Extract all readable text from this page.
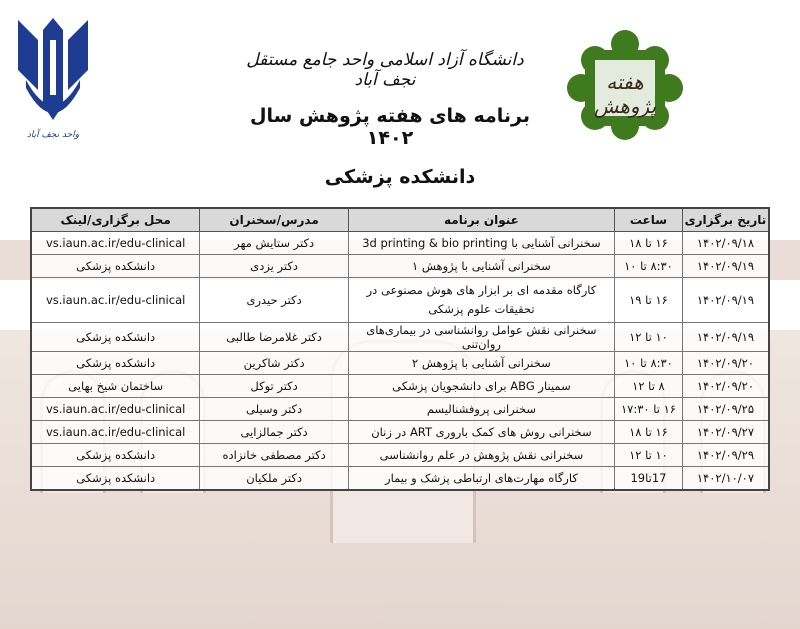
واحد نجف آباد
هفته پژوهش
دانشگاه آزاد اسلامی واحد جامع مستقل نجف آباد
برنامه های هفته پژوهش سال ۱۴۰۲
دانشکده پزشکی
تاریخ برگزاری	ساعت	عنوان برنامه	مدرس/سخنران	محل برگزاری/لینک
۱۴۰۲/۰۹/۱۸	۱۶ تا ۱۸	سخنرانی آشنایی با 3d printing & bio printing	دکتر ستایش مهر	vs.iaun.ac.ir/edu-clinical
۱۴۰۲/۰۹/۱۹	۸:۳۰ تا ۱۰	سخنرانی آشنایی با پژوهش ۱	دکتر یزدی	دانشکده پزشکی
۱۴۰۲/۰۹/۱۹	۱۶ تا ۱۹	کارگاه مقدمه ای بر ابزار های هوش مصنوعی در تحقیقات علوم پزشکی	دکتر حیدری	vs.iaun.ac.ir/edu-clinical
۱۴۰۲/۰۹/۱۹	۱۰ تا ۱۲	سخنرانی نقش عوامل روانشناسی در بیماری‌های روان‌تنی	دکتر غلامرضا طالبی	دانشکده پزشکی
۱۴۰۲/۰۹/۲۰	۸:۳۰ تا ۱۰	سخنرانی آشنایی با پژوهش ۲	دکتر شاکرین	دانشکده پزشکی
۱۴۰۲/۰۹/۲۰	۸ تا ۱۲	سمینار ABG برای دانشجویان پزشکی	دکتر توکل	ساختمان شیخ بهایی
۱۴۰۲/۰۹/۲۵	۱۶ تا ۱۷:۳۰	سخنرانی پروفشنالیسم	دکتر وسیلی	vs.iaun.ac.ir/edu-clinical
۱۴۰۲/۰۹/۲۷	۱۶ تا ۱۸	سخنرانی روش های کمک باروری ART در زنان	دکتر جمالزایی	vs.iaun.ac.ir/edu-clinical
۱۴۰۲/۰۹/۲۹	۱۰ تا ۱۲	سخنرانی نقش پژوهش در علم روانشناسی	دکتر مصطفی خانزاده	دانشکده پزشکی
۱۴۰۲/۱۰/۰۷	17تا19	کارگاه مهارت‌های ارتباطی پزشک و بیمار	دکتر ملکیان	دانشکده پزشکی
